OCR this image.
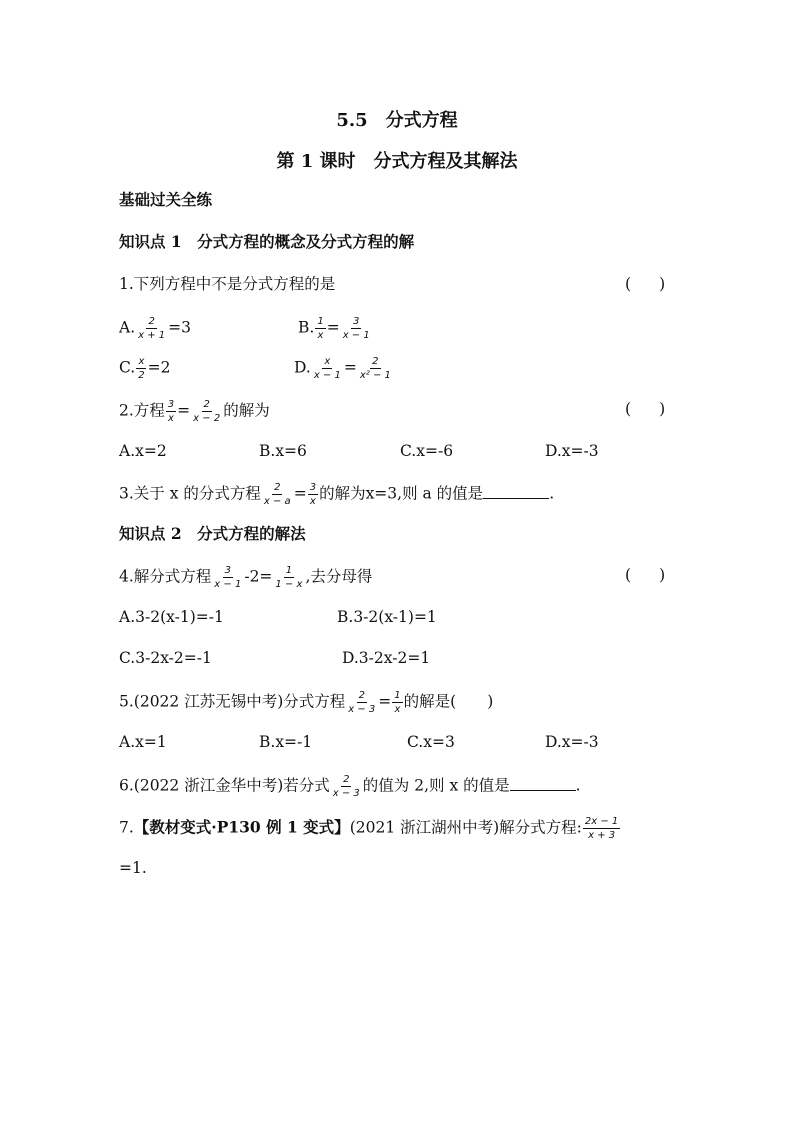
5.5　分式方程
第 1 课时　分式方程及其解法
基础过关全练
知识点 1　分式方程的概念及分式方程的解
1.下列方程中不是分式方程的是	( )
A. $\frac{2}{x + 1} =3$	B. $\frac{1}{x} = \frac{3}{x - 1}$
C. $\frac{x}{2} =2$	D. $\frac{x}{x - 1} = \frac{2}{\text{x² − 1}}$
2.方程 $\frac{3}{x} = \frac{2}{x - 2}$ 的解为	( )
A.x=2	B.x=6	C.x=-6	D.x=-3
3.关于 x 的分式方程 $\frac{2}{x - a} = \frac{3}{x}$ 的解为x=3,则 a 的值是	.
知识点 2　分式方程的解法
4.解分式方程 $\frac{3}{x - 1} -2= \frac{1}{1 - x}$ ,去分母得	( )
A.3-2(x-1)=-1	B.3-2(x-1)=1
C.3-2x-2=-1	D.3-2x-2=1
5.(2022 江苏无锡中考)分式方程 $\frac{2}{x - 3} = \frac{1}{x}$ 的解是(　　)
A.x=1	B.x=-1	C.x=3	D.x=-3
6.(2022 浙江金华中考)若分式 $\frac{2}{x - 3}$ 的值为 2,则 x 的值是	.
7.【教材变式·P130 例 1 变式】(2021 浙江湖州中考)解分式方程: $\frac{2x - 1}{x + 3}$
=1.
